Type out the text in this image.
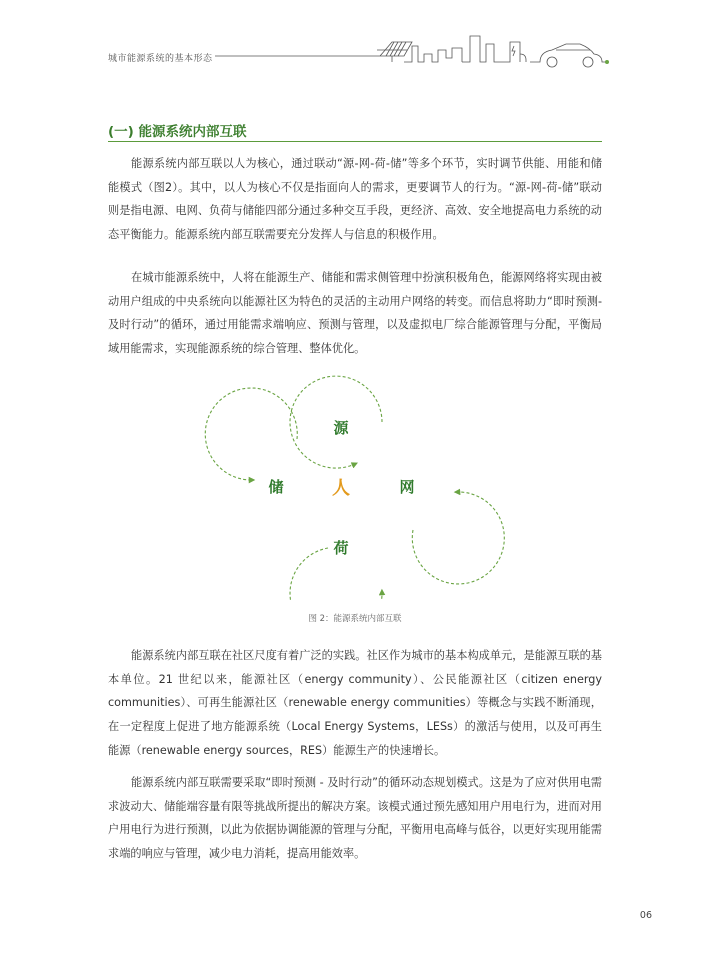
城市能源系统的基本形态
(一) 能源系统内部互联

能源系统内部互联以人为核心，通过联动“源-网-荷-储”等多个环节，实时调节供能、用能和储能模式（图2）。其中，以人为核心不仅是指面向人的需求，更要调节人的行为。“源-网-荷-储”联动则是指电源、电网、负荷与储能四部分通过多种交互手段，更经济、高效、安全地提高电力系统的动态平衡能力。能源系统内部互联需要充分发挥人与信息的积极作用。

在城市能源系统中，人将在能源生产、储能和需求侧管理中扮演积极角色，能源网络将实现由被动用户组成的中央系统向以能源社区为特色的灵活的主动用户网络的转变。而信息将助力“即时预测-及时行动”的循环，通过用能需求端响应、预测与管理，以及虚拟电厂综合能源管理与分配，平衡局域用能需求，实现能源系统的综合管理、整体优化。

源
网
荷
储	人
图 2：能源系统内部互联

能源系统内部互联在社区尺度有着广泛的实践。社区作为城市的基本构成单元，是能源互联的基本单位。21 世纪以来，能源社区（energy community）、公民能源社区（citizen energy communities）、可再生能源社区（renewable energy communities）等概念与实践不断涌现，在一定程度上促进了地方能源系统（Local Energy Systems，LESs）的激活与使用，以及可再生能源（renewable energy sources，RES）能源生产的快速增长。

能源系统内部互联需要采取“即时预测 - 及时行动”的循环动态规划模式。这是为了应对供用电需求波动大、储能端容量有限等挑战所提出的解决方案。该模式通过预先感知用户用电行为，进而对用户用电行为进行预测，以此为依据协调能源的管理与分配，平衡用电高峰与低谷，以更好实现用能需求端的响应与管理，减少电力消耗，提高用能效率。

06
